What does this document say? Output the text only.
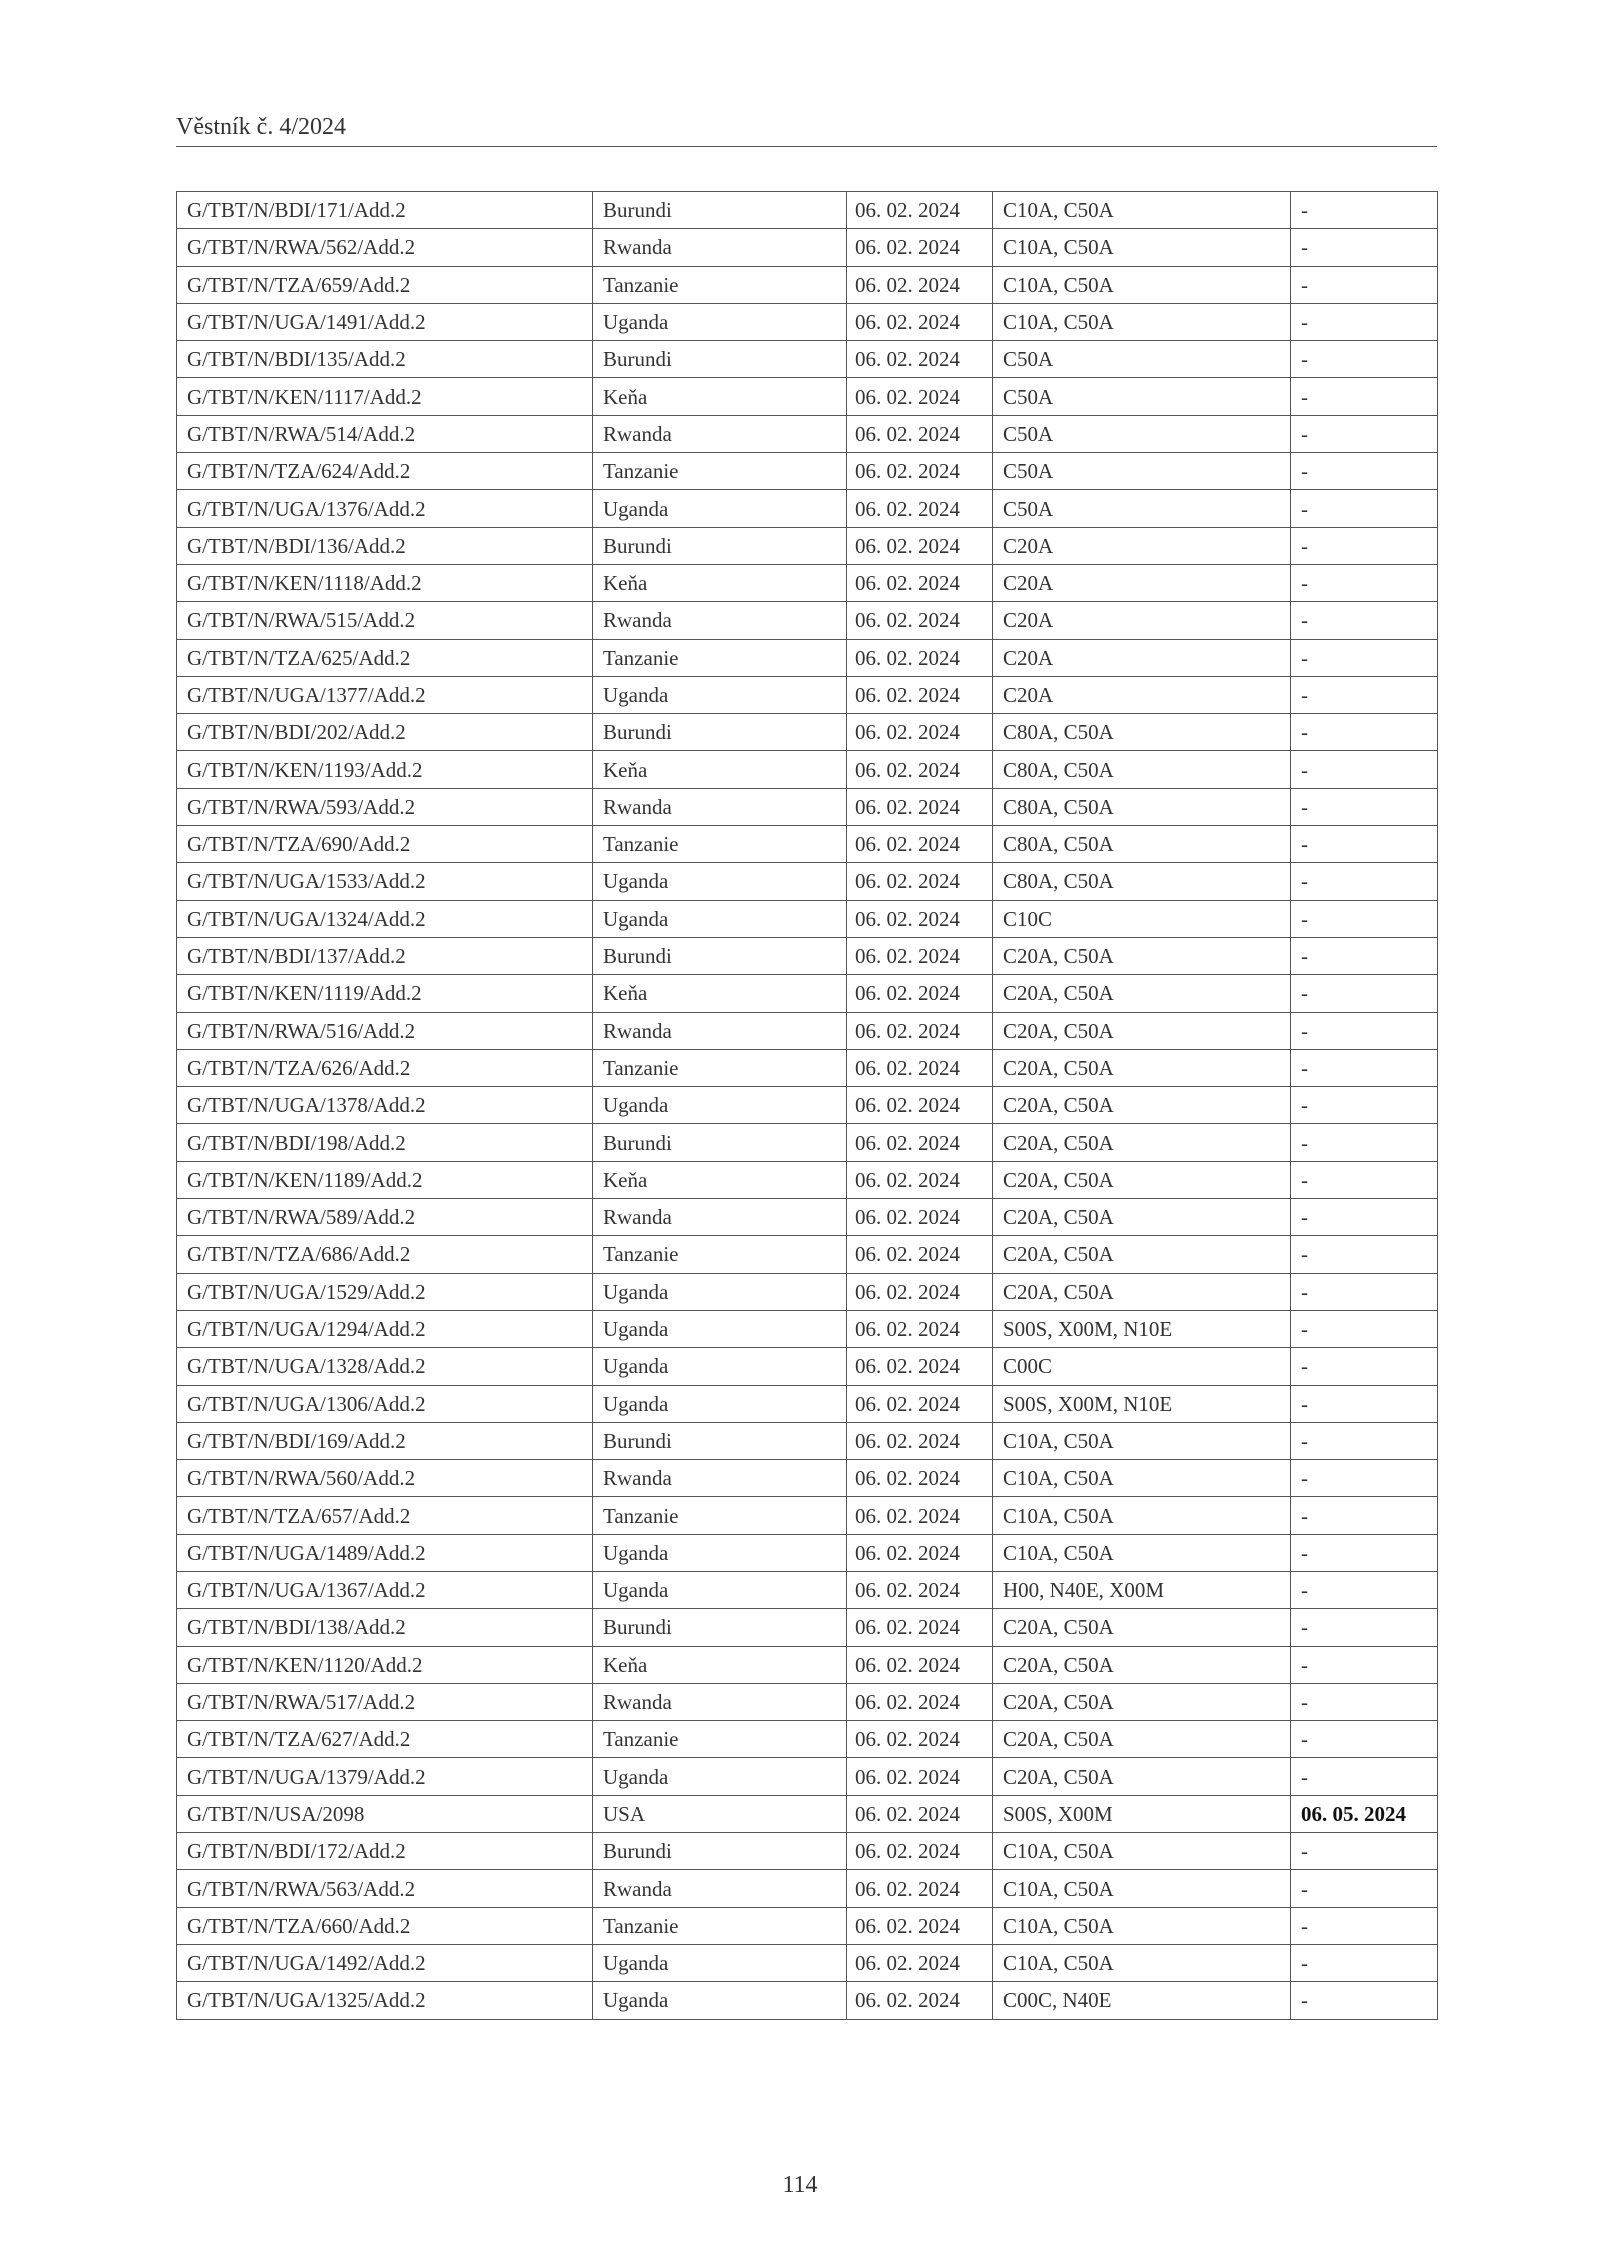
Věstník č. 4/2024
G/TBT/N/BDI/171/Add.2	Burundi	06. 02. 2024	C10A, C50A	-
G/TBT/N/RWA/562/Add.2	Rwanda	06. 02. 2024	C10A, C50A	-
G/TBT/N/TZA/659/Add.2	Tanzanie	06. 02. 2024	C10A, C50A	-
G/TBT/N/UGA/1491/Add.2	Uganda	06. 02. 2024	C10A, C50A	-
G/TBT/N/BDI/135/Add.2	Burundi	06. 02. 2024	C50A	-
G/TBT/N/KEN/1117/Add.2	Keňa	06. 02. 2024	C50A	-
G/TBT/N/RWA/514/Add.2	Rwanda	06. 02. 2024	C50A	-
G/TBT/N/TZA/624/Add.2	Tanzanie	06. 02. 2024	C50A	-
G/TBT/N/UGA/1376/Add.2	Uganda	06. 02. 2024	C50A	-
G/TBT/N/BDI/136/Add.2	Burundi	06. 02. 2024	C20A	-
G/TBT/N/KEN/1118/Add.2	Keňa	06. 02. 2024	C20A	-
G/TBT/N/RWA/515/Add.2	Rwanda	06. 02. 2024	C20A	-
G/TBT/N/TZA/625/Add.2	Tanzanie	06. 02. 2024	C20A	-
G/TBT/N/UGA/1377/Add.2	Uganda	06. 02. 2024	C20A	-
G/TBT/N/BDI/202/Add.2	Burundi	06. 02. 2024	C80A, C50A	-
G/TBT/N/KEN/1193/Add.2	Keňa	06. 02. 2024	C80A, C50A	-
G/TBT/N/RWA/593/Add.2	Rwanda	06. 02. 2024	C80A, C50A	-
G/TBT/N/TZA/690/Add.2	Tanzanie	06. 02. 2024	C80A, C50A	-
G/TBT/N/UGA/1533/Add.2	Uganda	06. 02. 2024	C80A, C50A	-
G/TBT/N/UGA/1324/Add.2	Uganda	06. 02. 2024	C10C	-
G/TBT/N/BDI/137/Add.2	Burundi	06. 02. 2024	C20A, C50A	-
G/TBT/N/KEN/1119/Add.2	Keňa	06. 02. 2024	C20A, C50A	-
G/TBT/N/RWA/516/Add.2	Rwanda	06. 02. 2024	C20A, C50A	-
G/TBT/N/TZA/626/Add.2	Tanzanie	06. 02. 2024	C20A, C50A	-
G/TBT/N/UGA/1378/Add.2	Uganda	06. 02. 2024	C20A, C50A	-
G/TBT/N/BDI/198/Add.2	Burundi	06. 02. 2024	C20A, C50A	-
G/TBT/N/KEN/1189/Add.2	Keňa	06. 02. 2024	C20A, C50A	-
G/TBT/N/RWA/589/Add.2	Rwanda	06. 02. 2024	C20A, C50A	-
G/TBT/N/TZA/686/Add.2	Tanzanie	06. 02. 2024	C20A, C50A	-
G/TBT/N/UGA/1529/Add.2	Uganda	06. 02. 2024	C20A, C50A	-
G/TBT/N/UGA/1294/Add.2	Uganda	06. 02. 2024	S00S, X00M, N10E	-
G/TBT/N/UGA/1328/Add.2	Uganda	06. 02. 2024	C00C	-
G/TBT/N/UGA/1306/Add.2	Uganda	06. 02. 2024	S00S, X00M, N10E	-
G/TBT/N/BDI/169/Add.2	Burundi	06. 02. 2024	C10A, C50A	-
G/TBT/N/RWA/560/Add.2	Rwanda	06. 02. 2024	C10A, C50A	-
G/TBT/N/TZA/657/Add.2	Tanzanie	06. 02. 2024	C10A, C50A	-
G/TBT/N/UGA/1489/Add.2	Uganda	06. 02. 2024	C10A, C50A	-
G/TBT/N/UGA/1367/Add.2	Uganda	06. 02. 2024	H00, N40E, X00M	-
G/TBT/N/BDI/138/Add.2	Burundi	06. 02. 2024	C20A, C50A	-
G/TBT/N/KEN/1120/Add.2	Keňa	06. 02. 2024	C20A, C50A	-
G/TBT/N/RWA/517/Add.2	Rwanda	06. 02. 2024	C20A, C50A	-
G/TBT/N/TZA/627/Add.2	Tanzanie	06. 02. 2024	C20A, C50A	-
G/TBT/N/UGA/1379/Add.2	Uganda	06. 02. 2024	C20A, C50A	-
G/TBT/N/USA/2098	USA	06. 02. 2024	S00S, X00M	06. 05. 2024
G/TBT/N/BDI/172/Add.2	Burundi	06. 02. 2024	C10A, C50A	-
G/TBT/N/RWA/563/Add.2	Rwanda	06. 02. 2024	C10A, C50A	-
G/TBT/N/TZA/660/Add.2	Tanzanie	06. 02. 2024	C10A, C50A	-
G/TBT/N/UGA/1492/Add.2	Uganda	06. 02. 2024	C10A, C50A	-
G/TBT/N/UGA/1325/Add.2	Uganda	06. 02. 2024	C00C, N40E	-
114
